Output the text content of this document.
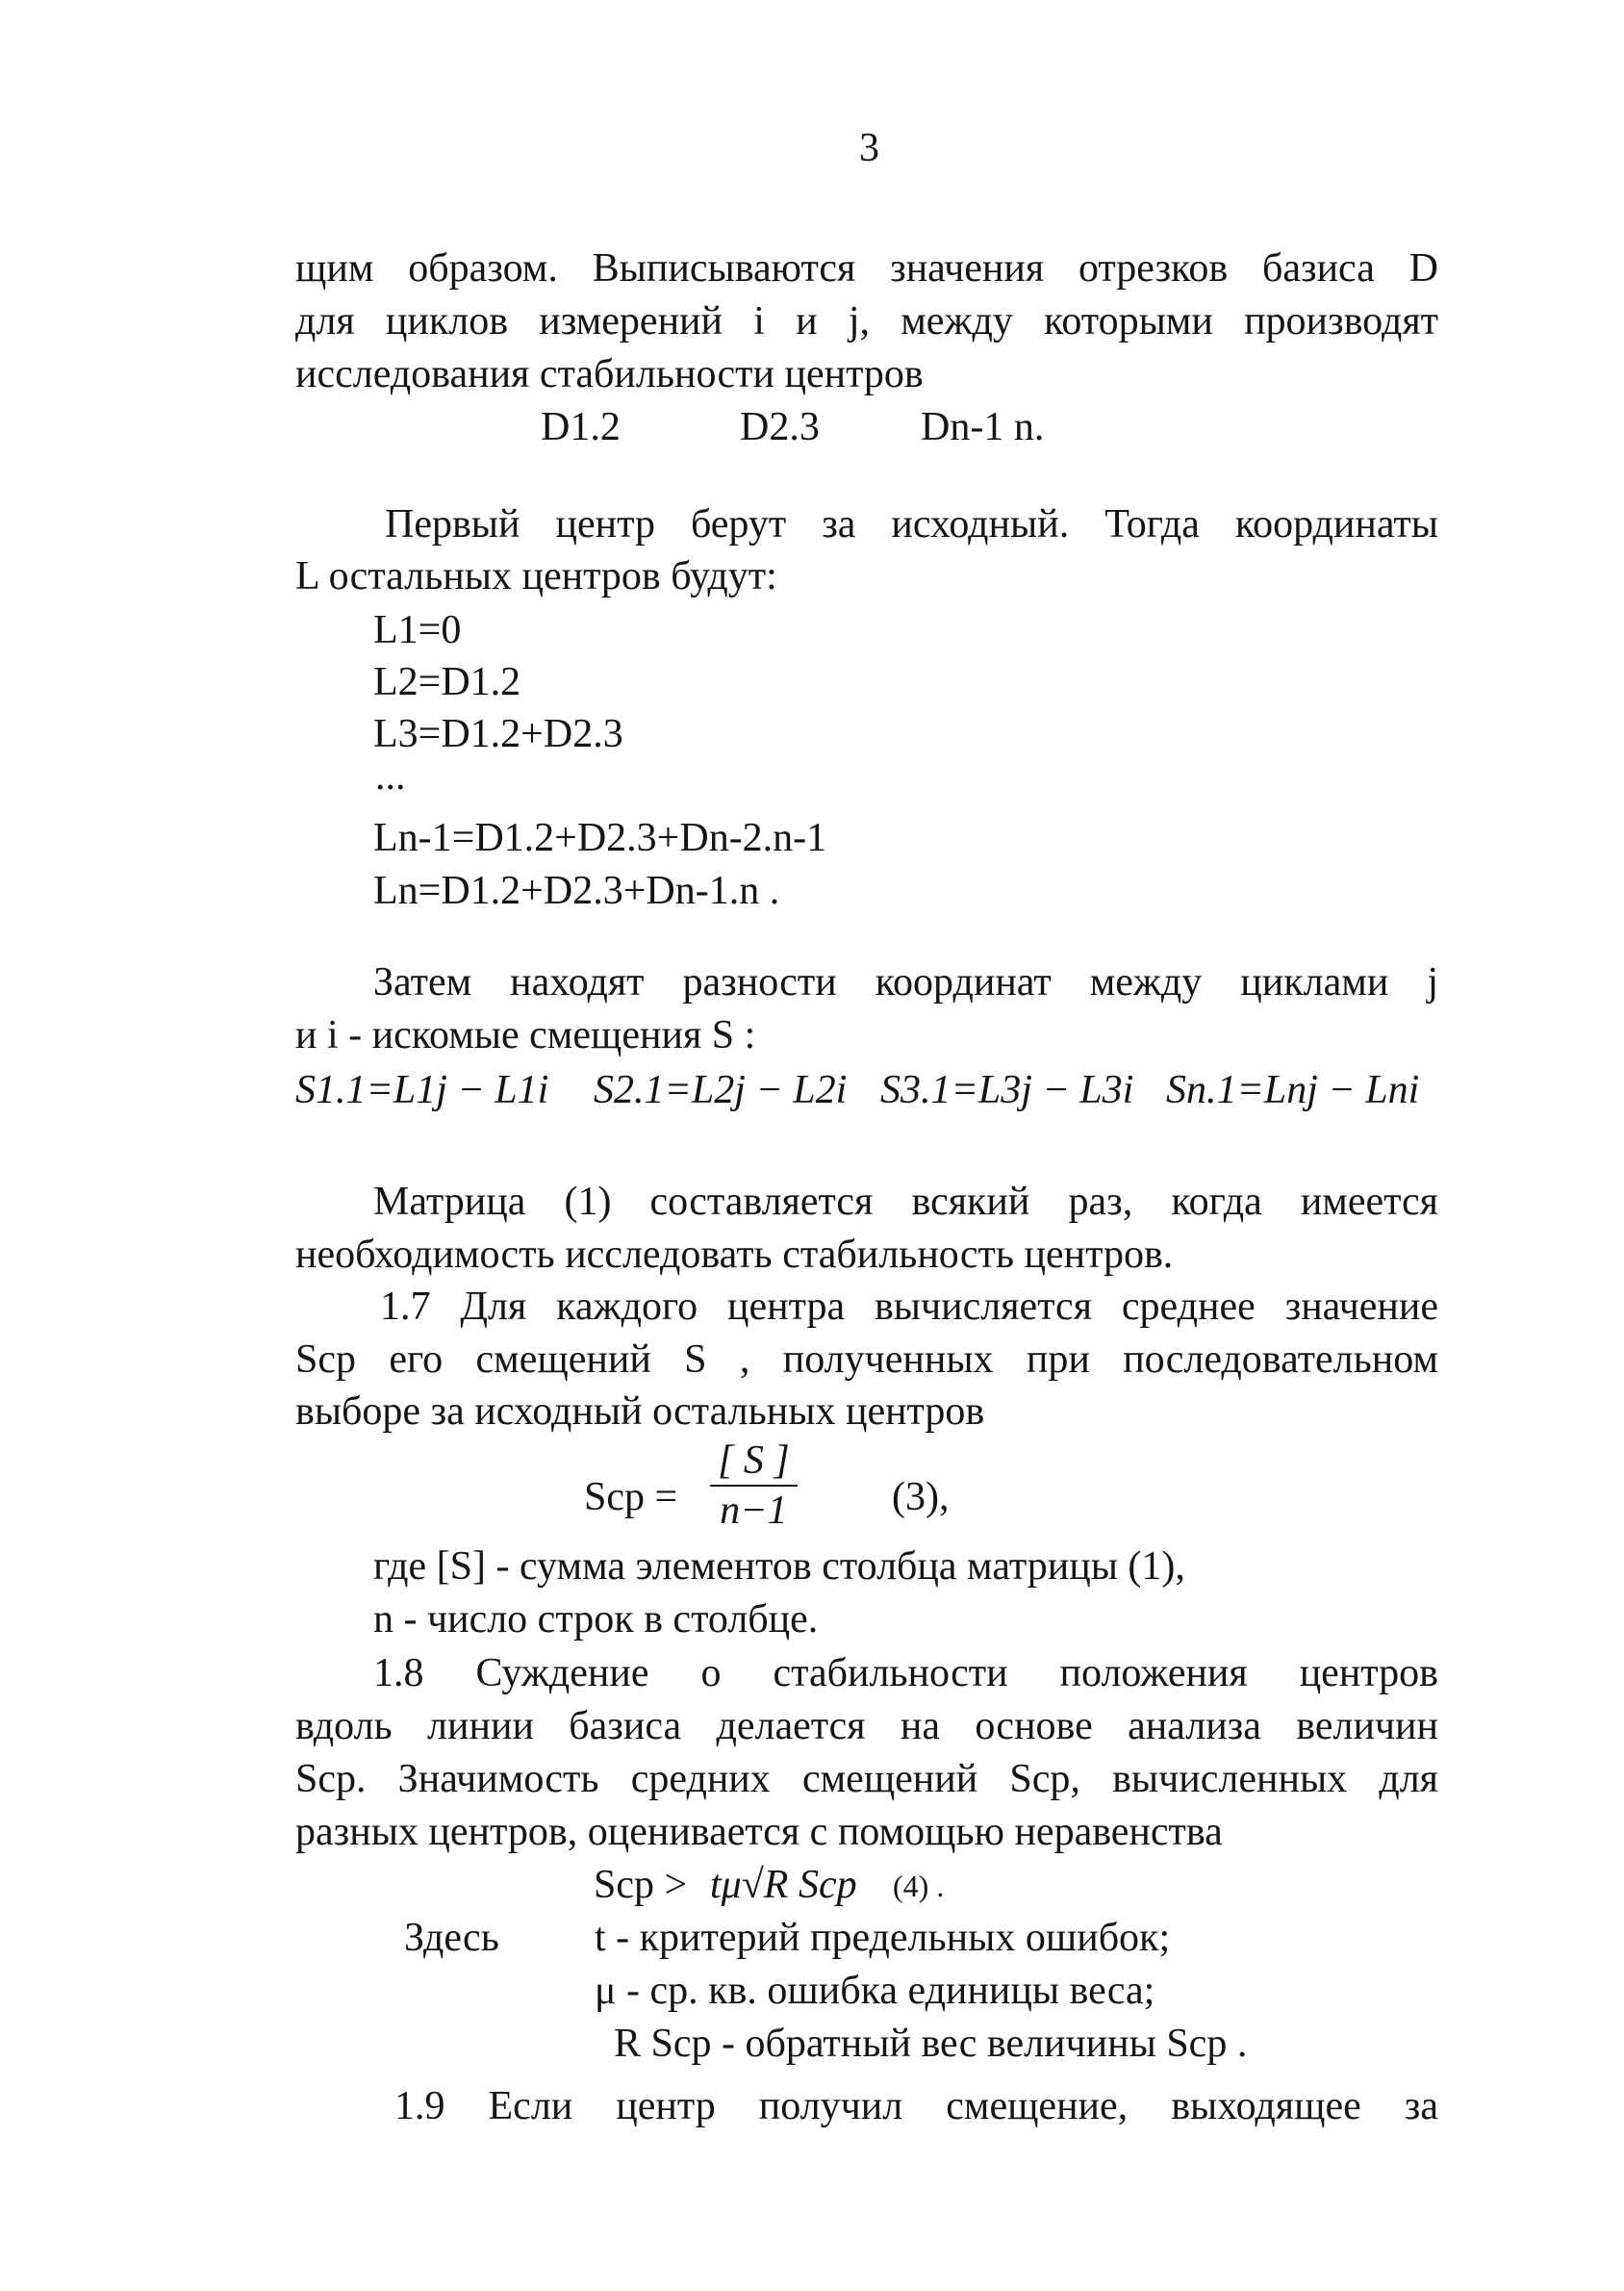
3
щим образом. Выписываются значения отрезков базиса D
для циклов измерений i и j, между которыми производят
исследования стабильности центров
D1.2	D2.3	Dn-1 n.
Первый центр берут за исходный. Тогда координаты
L остальных центров будут:
L1=0
L2=D1.2
L3=D1.2+D2.3
...
Ln-1=D1.2+D2.3+Dn-2.n-1
Ln=D1.2+D2.3+Dn-1.n .
Затем находят разности координат между циклами j
и i - искомые смещения S :
S1.1=L1j − L1i S2.1=L2j − L2i S3.1=L3j − L3i Sn.1=Lnj − Lni
Матрица (1) составляется всякий раз, когда имеется
необходимость исследовать стабильность центров.
1.7 Для каждого центра вычисляется среднее значение
Sср его смещений S , полученных при последовательном
выборе за исходный остальных центров
Sср = $\frac{[ S ]}{n-1} (3)$,
где [S] - сумма элементов столбца матрицы (1),
n - число строк в столбце.
1.8 Суждение о стабильности положения центров
вдоль линии базиса делается на основе анализа величин
Sср. Значимость средних смещений Sср, вычисленных для
разных центров, оценивается с помощью неравенства
Sср > tμ√R Sср (4) .
Здесь t - критерий предельных ошибок;
μ - ср. кв. ошибка единицы веса;
R Sср - обратный вес величины Sср .
1.9 Если центр получил смещение, выходящее за
